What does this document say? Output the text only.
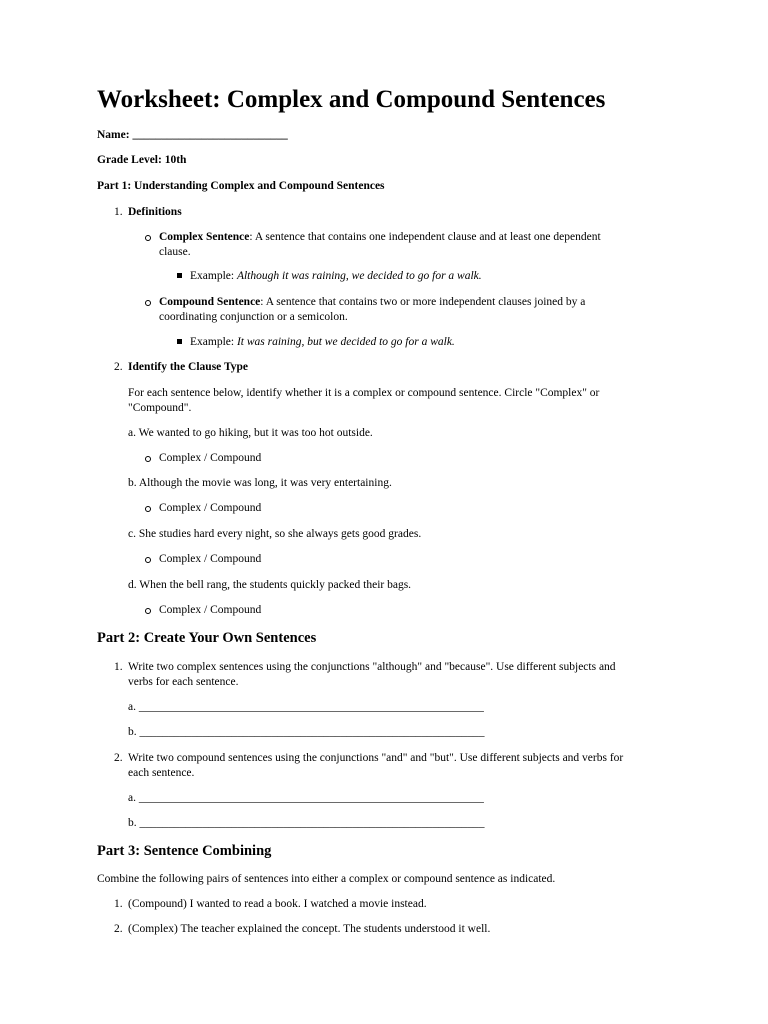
Worksheet: Complex and Compound Sentences
Name: ___________________________
Grade Level: 10th
Part 1: Understanding Complex and Compound Sentences
1. Definitions
Complex Sentence: A sentence that contains one independent clause and at least one dependent
clause.
Example: Although it was raining, we decided to go for a walk.
Compound Sentence: A sentence that contains two or more independent clauses joined by a
coordinating conjunction or a semicolon.
Example: It was raining, but we decided to go for a walk.
2. Identify the Clause Type
For each sentence below, identify whether it is a complex or compound sentence. Circle "Complex" or
"Compound".
a. We wanted to go hiking, but it was too hot outside.
Complex / Compound
b. Although the movie was long, it was very entertaining.
Complex / Compound
c. She studies hard every night, so she always gets good grades.
Complex / Compound
d. When the bell rang, the students quickly packed their bags.
Complex / Compound
Part 2: Create Your Own Sentences
1. Write two complex sentences using the conjunctions "although" and "because". Use different subjects and
verbs for each sentence.
a. ____________________________________________________________
b. ____________________________________________________________
2. Write two compound sentences using the conjunctions "and" and "but". Use different subjects and verbs for
each sentence.
a. ____________________________________________________________
b. ____________________________________________________________
Part 3: Sentence Combining
Combine the following pairs of sentences into either a complex or compound sentence as indicated.
1. (Compound) I wanted to read a book. I watched a movie instead.
2. (Complex) The teacher explained the concept. The students understood it well.
